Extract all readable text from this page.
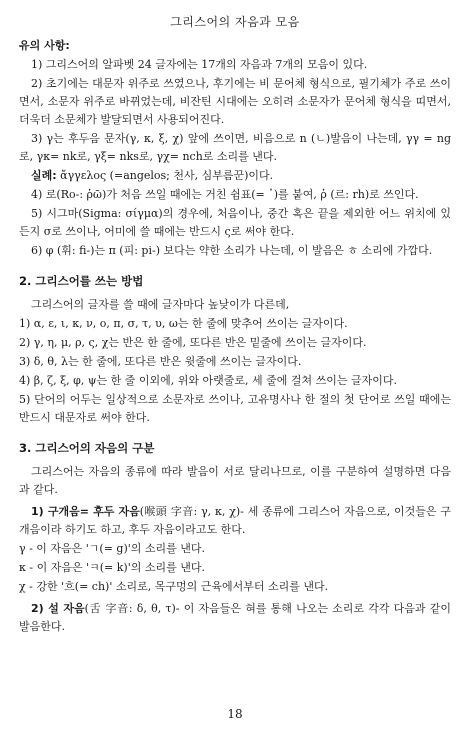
그리스어의 자음과 모음

유의 사항:

1) 그리스어의 알파벳 24 글자에는 17개의 자음과 7개의 모음이 있다.

2) 초기에는 대문자 위주로 쓰였으나, 후기에는 비 문어체 형식으로, 필기체가 주로 쓰이면서, 소문자 위주로 바뀌었는데, 비잔틴 시대에는 오히려 소문자가 문어체 형식을 띠면서, 더욱더 소문체가 발달되면서 사용되어진다.

3) γ는 후두음 문자(γ, κ, ξ, χ) 앞에 쓰이면, 비음으로 n (ㄴ)발음이 나는데, γγ = ng로, γκ= nk로, γξ= nks로, γχ= nch로 소리를 낸다.

실례: ἄγγελος (=angelos; 천사, 심부름꾼)이다.

4) 로(Ro-: ῥῶ)가 처음 쓰일 때에는 거친 쉼표(= ῾)를 붙여, ῥ (르: rh)로 쓰인다.

5) 시그마(Sigma: σίγμα)의 경우에, 처음이나, 중간 혹은 끝을 제외한 어느 위치에 있든지 σ로 쓰이나, 어미에 쓸 때에는 반드시 ς로 써야 한다.

6) φ (휘: fi-)는 π (피: pi-) 보다는 약한 소리가 나는데, 이 발음은 ㅎ 소리에 가깝다.

2. 그리스어를 쓰는 방법

그리스어의 글자를 쓸 때에 글자마다 높낮이가 다른데,

1) α, ε, ι, κ, ν, ο, π, σ, τ, υ, ω는 한 줄에 맞추어 쓰이는 글자이다.

2) γ, η, μ, ρ, ς, χ는 반은 한 줄에, 또다른 반은 밑줄에 쓰이는 글자이다.

3) δ, θ, λ는 한 줄에, 또다른 반은 윗줄에 쓰이는 글자이다.

4) β, ζ, ξ, φ, ψ는 한 줄 이외에, 위와 아랫줄로, 세 줄에 걸쳐 쓰이는 글자이다.

5) 단어의 어두는 일상적으로 소문자로 쓰이나, 고유명사나 한 절의 첫 단어로 쓰일 때에는 반드시 대문자로 써야 한다.

3. 그리스어의 자음의 구분

그리스어는 자음의 종류에 따라 발음이 서로 달리나므로, 이를 구분하여 설명하면 다음과 같다.

1) 구개음= 후두 자음(喉頭 字音: γ, κ, χ)- 세 종류에 그리스어 자음으로, 이것들은 구개음이라 하기도 하고, 후두 자음이라고도 한다.

γ - 이 자음은 'ㄱ(= g)'의 소리를 낸다.

κ - 이 자음은 'ㅋ(= k)'의 소리를 낸다.

χ - 강한 '흐(= ch)' 소리로, 목구멍의 근육에서부터 소리를 낸다.

2) 설 자음(舌 字音: δ, θ, τ)- 이 자음들은 혀를 통해 나오는 소리로 각각 다음과 같이 발음한다.

18
